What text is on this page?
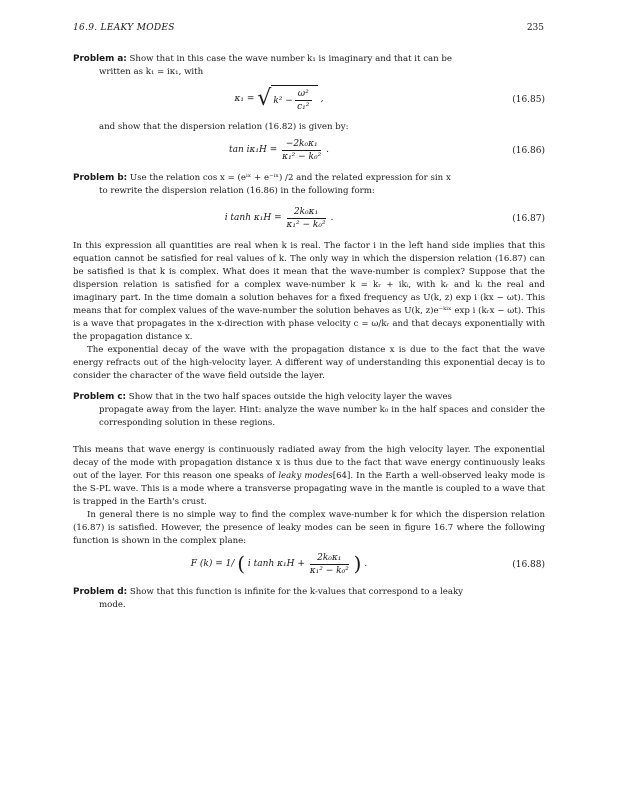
16.9. LEAKY MODES	235

Problem a: Show that in this case the wave number k₁ is imaginary and that it can be

written as k₁ = iκ₁, with

κ₁ = √ $k^2 - \frac{\text{ω²}}{\text{c₁²}}$ ,	(16.85)

and show that the dispersion relation (16.82) is given by:

$\tan i\kappa_1H = \frac{\text{−2k₀κ₁}}{\text{κ₁² − k₀²}}$ .	(16.86)

Problem b: Use the relation cos x = (eⁱˣ + e⁻ⁱˣ) /2 and the related expression for sin x

to rewrite the dispersion relation (16.86) in the following form:

i $\tanh \kappa_1H = \frac{\text{2k₀κ₁}}{\text{κ₁² − k₀²}}$ .	(16.87)

In this expression all quantities are real when k is real. The factor i in the left hand side implies that this equation cannot be satisfied for real values of k. The only way in which the dispersion relation (16.87) can be satisfied is that k is complex. What does it mean that the wave-number is complex? Suppose that the dispersion relation is satisfied for a complex wave-number k = kᵣ + ikᵢ, with kᵣ and kᵢ the real and imaginary part. In the time domain a solution behaves for a fixed frequency as U(k, z) exp i (kx − ωt). This means that for complex values of the wave-number the solution behaves as U(k, z)e⁻ᵏⁱˣ exp i (kᵣx − ωt). This is a wave that propagates in the x-direction with phase velocity c = ω/kᵣ and that decays exponentially with the propagation distance x.

The exponential decay of the wave with the propagation distance x is due to the fact that the wave energy refracts out of the high-velocity layer. A different way of understanding this exponential decay is to consider the character of the wave field outside the layer.

Problem c: Show that in the two half spaces outside the high velocity layer the waves

propagate away from the layer. Hint: analyze the wave number k₀ in the half spaces and consider the corresponding solution in these regions.

This means that wave energy is continuously radiated away from the high velocity layer. The exponential decay of the mode with propagation distance x is thus due to the fact that wave energy continuously leaks out of the layer. For this reason one speaks of leaky modes[64]. In the Earth a well-observed leaky mode is the S-PL wave. This is a mode where a transverse propagating wave in the mantle is coupled to a wave that is trapped in the Earth's crust.

In general there is no simple way to find the complex wave-number k for which the dispersion relation (16.87) is satisfied. However, the presence of leaky modes can be seen in figure 16.7 where the following function is shown in the complex plane:

F (k) = 1/ ( i $\tanh \kappa_1H + \frac{\text{2k₀κ₁}}{\text{κ₁² − k₀²}}$ ) .	(16.88)

Problem d: Show that this function is infinite for the k-values that correspond to a leaky

mode.
